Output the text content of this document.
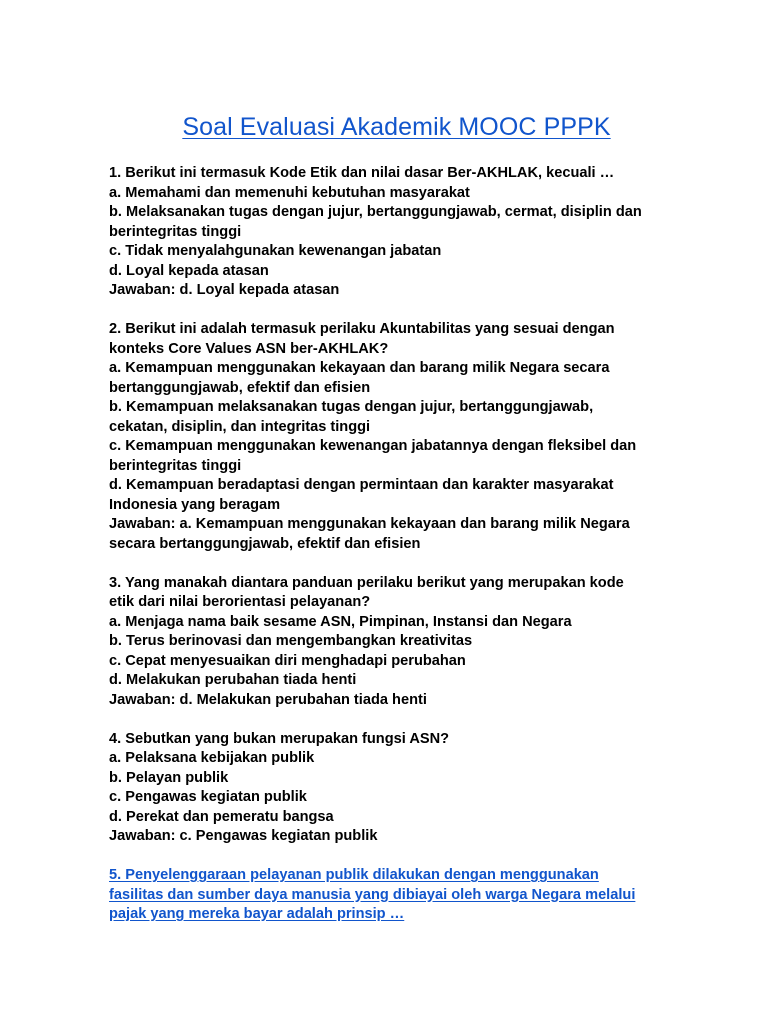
Soal Evaluasi Akademik MOOC PPPK
1. Berikut ini termasuk Kode Etik dan nilai dasar Ber-AKHLAK, kecuali …
a. Memahami dan memenuhi kebutuhan masyarakat
b. Melaksanakan tugas dengan jujur, bertanggungjawab, cermat, disiplin dan
berintegritas tinggi
c. Tidak menyalahgunakan kewenangan jabatan
d. Loyal kepada atasan
Jawaban: d. Loyal kepada atasan
2. Berikut ini adalah termasuk perilaku Akuntabilitas yang sesuai dengan
konteks Core Values ASN ber-AKHLAK?
a. Kemampuan menggunakan kekayaan dan barang milik Negara secara
bertanggungjawab, efektif dan efisien
b. Kemampuan melaksanakan tugas dengan jujur, bertanggungjawab,
cekatan, disiplin, dan integritas tinggi
c. Kemampuan menggunakan kewenangan jabatannya dengan fleksibel dan
berintegritas tinggi
d. Kemampuan beradaptasi dengan permintaan dan karakter masyarakat
Indonesia yang beragam
Jawaban: a. Kemampuan menggunakan kekayaan dan barang milik Negara
secara bertanggungjawab, efektif dan efisien
3. Yang manakah diantara panduan perilaku berikut yang merupakan kode
etik dari nilai berorientasi pelayanan?
a. Menjaga nama baik sesame ASN, Pimpinan, Instansi dan Negara
b. Terus berinovasi dan mengembangkan kreativitas
c. Cepat menyesuaikan diri menghadapi perubahan
d. Melakukan perubahan tiada henti
Jawaban: d. Melakukan perubahan tiada henti
4. Sebutkan yang bukan merupakan fungsi ASN?
a. Pelaksana kebijakan publik
b. Pelayan publik
c. Pengawas kegiatan publik
d. Perekat dan pemeratu bangsa
Jawaban: c. Pengawas kegiatan publik
5. Penyelenggaraan pelayanan publik dilakukan dengan menggunakan
fasilitas dan sumber daya manusia yang dibiayai oleh warga Negara melalui
pajak yang mereka bayar adalah prinsip …
